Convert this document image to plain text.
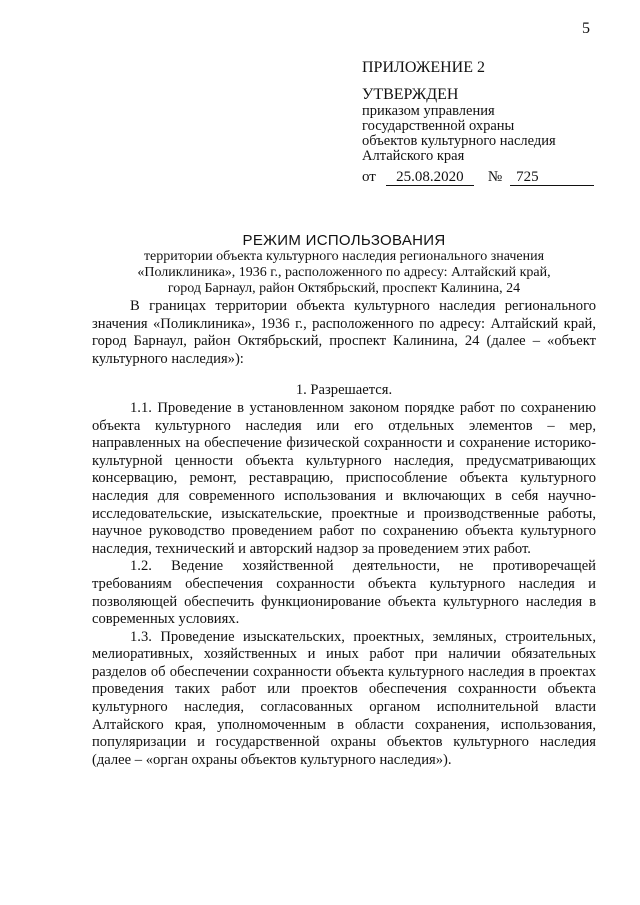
5
ПРИЛОЖЕНИЕ 2
УТВЕРЖДЕН
приказом управления
государственной охраны
объектов культурного наследия
Алтайского края
от	25.08.2020	№ 725
РЕЖИМ ИСПОЛЬЗОВАНИЯ
территории объекта культурного наследия регионального значения
«Поликлиника», 1936 г., расположенного по адресу: Алтайский край,
город Барнаул, район Октябрьский, проспект Калинина, 24

В границах территории объекта культурного наследия регионального значения «Поликлиника», 1936 г., расположенного по адресу: Алтайский край, город Барнаул, район Октябрьский, проспект Калинина, 24 (далее – «объект культурного наследия»):

1. Разрешается.

1.1. Проведение в установленном законом порядке работ по сохранению объекта культурного наследия или его отдельных элементов – мер, направленных на обеспечение физической сохранности и сохранение историко-культурной ценности объекта культурного наследия, предусматривающих консервацию, ремонт, реставрацию, приспособление объекта культурного наследия для современного использования и включающих в себя научно-исследовательские, изыскательские, проектные и производственные работы, научное руководство проведением работ по сохранению объекта культурного наследия, технический и авторский надзор за проведением этих работ.

1.2. Ведение хозяйственной деятельности, не противоречащей требованиям обеспечения сохранности объекта культурного наследия и позволяющей обеспечить функционирование объекта культурного наследия в современных условиях.

1.3. Проведение изыскательских, проектных, земляных, строительных, мелиоративных, хозяйственных и иных работ при наличии обязательных разделов об обеспечении сохранности объекта культурного наследия в проектах проведения таких работ или проектов обеспечения сохранности объекта культурного наследия, согласованных органом исполнительной власти Алтайского края, уполномоченным в области сохранения, использования, популяризации и государственной охраны объектов культурного наследия (далее – «орган охраны объектов культурного наследия»).
